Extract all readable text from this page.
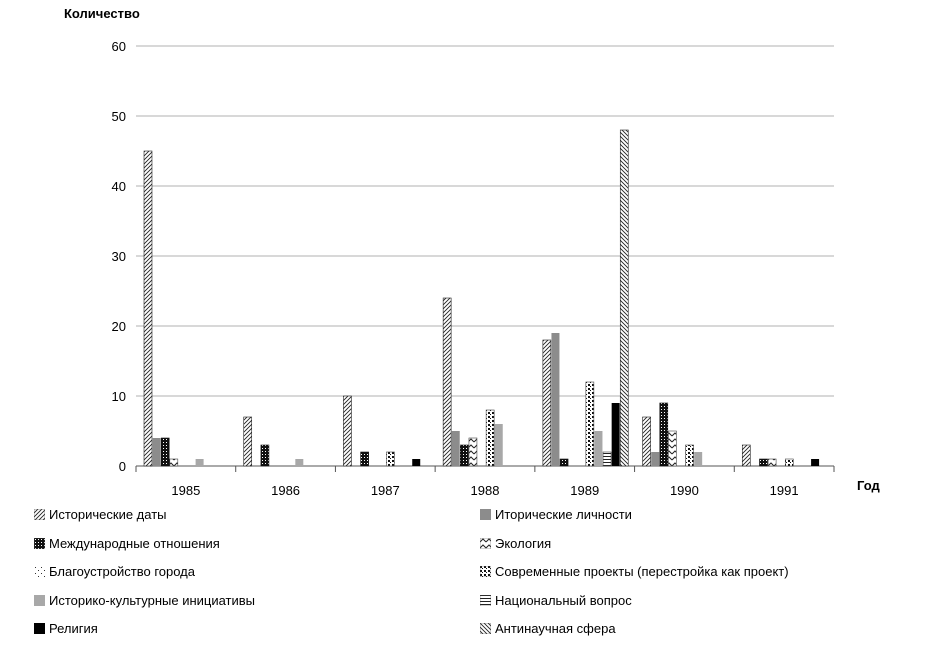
0
10
20
30
40
50
60
1985	1986	1987	1988	1989	1990	1991
Количество
Год
Исторические даты	Иторические личности
Международные отношения	Экология
Благоустройство города	Современные проекты (перестройка как проект)
Историко-культурные инициативы	Национальный вопрос
Религия	Антинаучная сфера
